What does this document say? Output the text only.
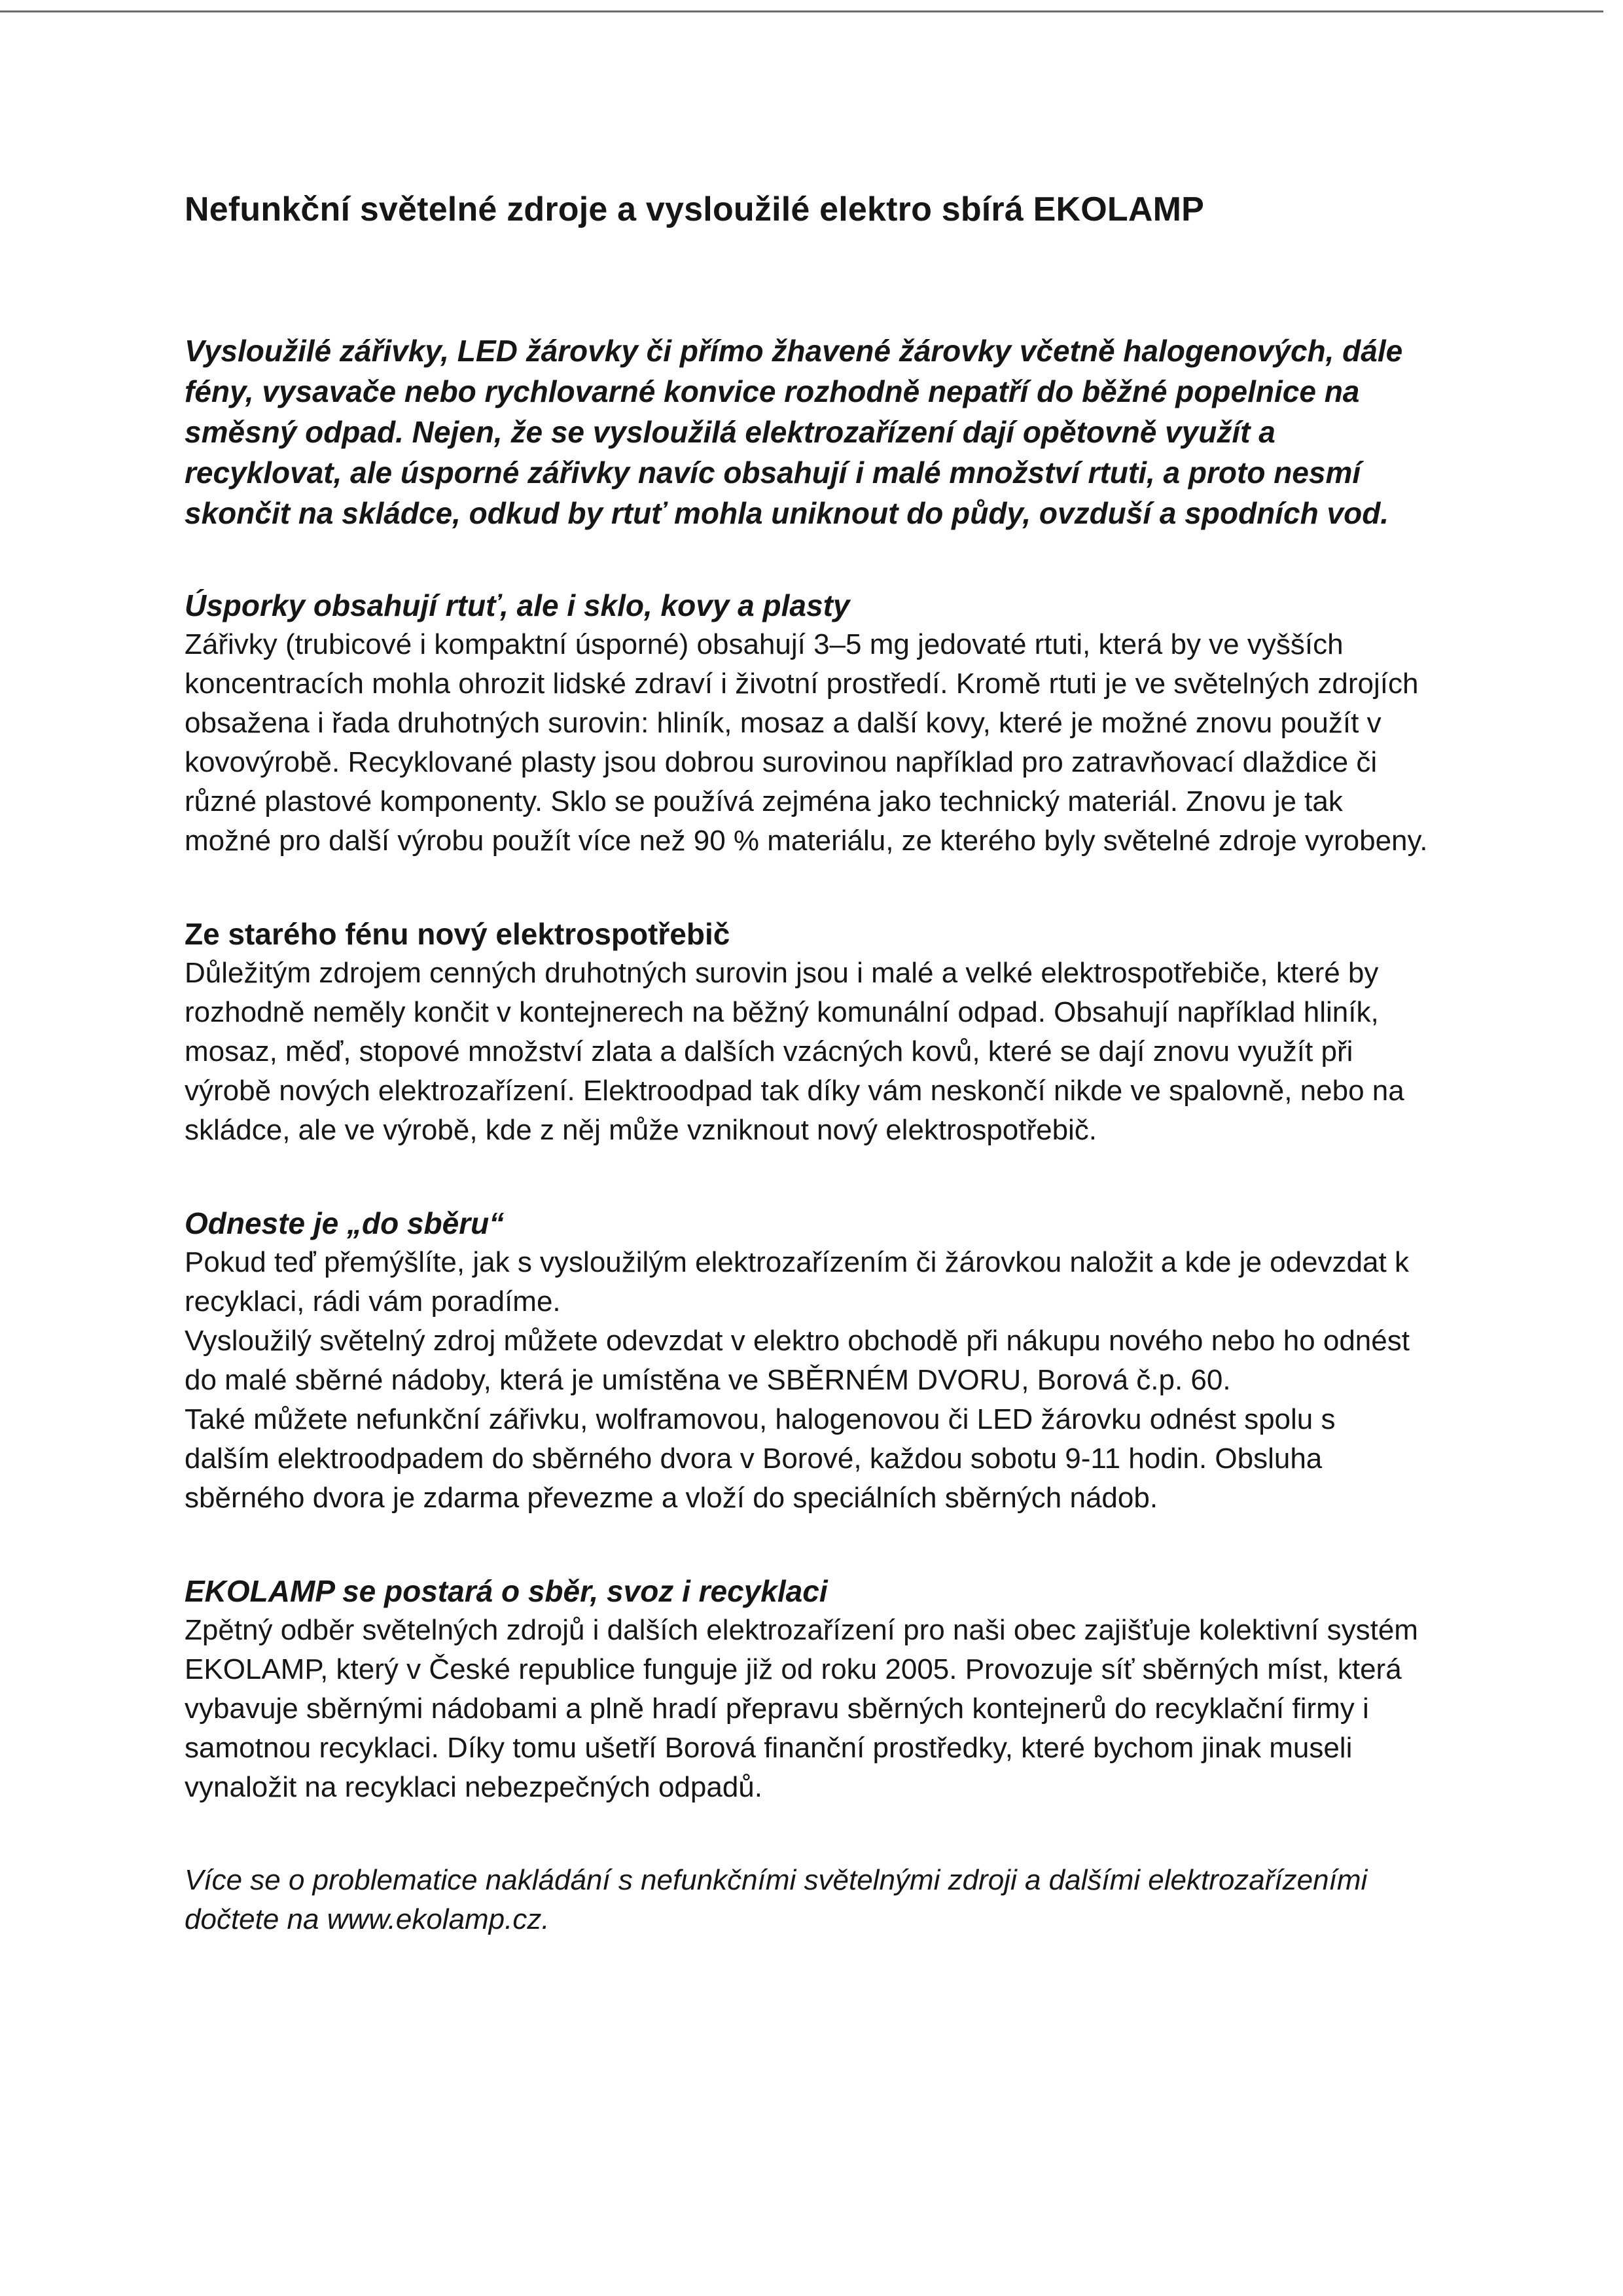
Nefunkční světelné zdroje a vysloužilé elektro sbírá EKOLAMP

Vysloužilé zářivky, LED žárovky či přímo žhavené žárovky včetně halogenových, dále fény, vysavače nebo rychlovarné konvice rozhodně nepatří do běžné popelnice na směsný odpad. Nejen, že se vysloužilá elektrozařízení dají opětovně využít a recyklovat, ale úsporné zářivky navíc obsahují i malé množství rtuti, a proto nesmí skončit na skládce, odkud by rtuť mohla uniknout do půdy, ovzduší a spodních vod.

Úsporky obsahují rtuť, ale i sklo, kovy a plasty

Zářivky (trubicové i kompaktní úsporné) obsahují 3–5 mg jedovaté rtuti, která by ve vyšších koncentracích mohla ohrozit lidské zdraví i životní prostředí. Kromě rtuti je ve světelných zdrojích obsažena i řada druhotných surovin: hliník, mosaz a další kovy, které je možné znovu použít v kovovýrobě. Recyklované plasty jsou dobrou surovinou například pro zatravňovací dlaždice či různé plastové komponenty. Sklo se používá zejména jako technický materiál. Znovu je tak možné pro další výrobu použít více než 90 % materiálu, ze kterého byly světelné zdroje vyrobeny.

Ze starého fénu nový elektrospotřebič

Důležitým zdrojem cenných druhotných surovin jsou i malé a velké elektrospotřebiče, které by rozhodně neměly končit v kontejnerech na běžný komunální odpad. Obsahují například hliník, mosaz, měď, stopové množství zlata a dalších vzácných kovů, které se dají znovu využít při výrobě nových elektrozařízení. Elektroodpad tak díky vám neskončí nikde ve spalovně, nebo na skládce, ale ve výrobě, kde z něj může vzniknout nový elektrospotřebič.

Odneste je „do sběru“

Pokud teď přemýšlíte, jak s vysloužilým elektrozařízením či žárovkou naložit a kde je odevzdat k recyklaci, rádi vám poradíme.

Vysloužilý světelný zdroj můžete odevzdat v elektro obchodě při nákupu nového nebo ho odnést do malé sběrné nádoby, která je umístěna ve SBĚRNÉM DVORU, Borová č.p. 60.

Také můžete nefunkční zářivku, wolframovou, halogenovou či LED žárovku odnést spolu s dalším elektroodpadem do sběrného dvora v Borové, každou sobotu 9-11 hodin. Obsluha sběrného dvora je zdarma převezme a vloží do speciálních sběrných nádob.

EKOLAMP se postará o sběr, svoz i recyklaci

Zpětný odběr světelných zdrojů i dalších elektrozařízení pro naši obec zajišťuje kolektivní systém EKOLAMP, který v České republice funguje již od roku 2005. Provozuje síť sběrných míst, která vybavuje sběrnými nádobami a plně hradí přepravu sběrných kontejnerů do recyklační firmy i samotnou recyklaci. Díky tomu ušetří Borová finanční prostředky, které bychom jinak museli vynaložit na recyklaci nebezpečných odpadů.

Více se o problematice nakládání s nefunkčními světelnými zdroji a dalšími elektrozařízeními dočtete na www.ekolamp.cz.
